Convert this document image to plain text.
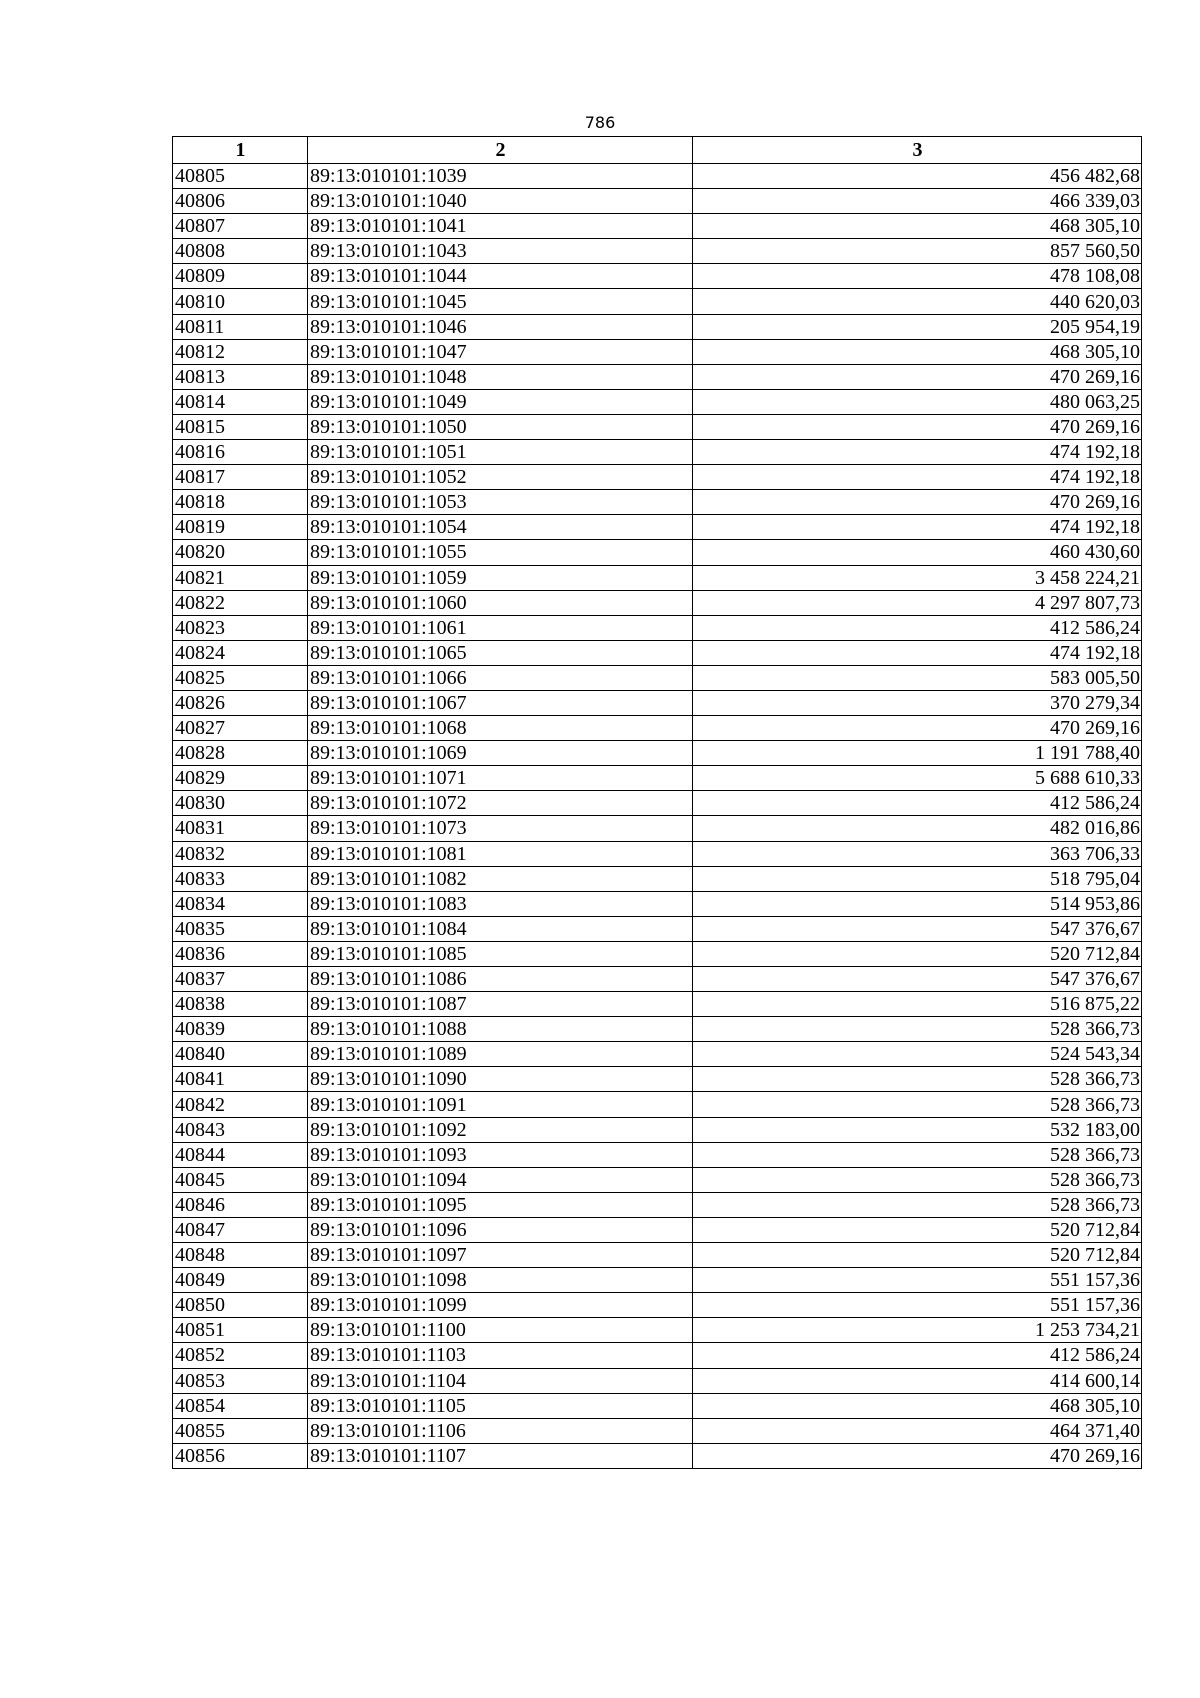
786
1	2	3
40805	89:13:010101:1039	456 482,68
40806	89:13:010101:1040	466 339,03
40807	89:13:010101:1041	468 305,10
40808	89:13:010101:1043	857 560,50
40809	89:13:010101:1044	478 108,08
40810	89:13:010101:1045	440 620,03
40811	89:13:010101:1046	205 954,19
40812	89:13:010101:1047	468 305,10
40813	89:13:010101:1048	470 269,16
40814	89:13:010101:1049	480 063,25
40815	89:13:010101:1050	470 269,16
40816	89:13:010101:1051	474 192,18
40817	89:13:010101:1052	474 192,18
40818	89:13:010101:1053	470 269,16
40819	89:13:010101:1054	474 192,18
40820	89:13:010101:1055	460 430,60
40821	89:13:010101:1059	3 458 224,21
40822	89:13:010101:1060	4 297 807,73
40823	89:13:010101:1061	412 586,24
40824	89:13:010101:1065	474 192,18
40825	89:13:010101:1066	583 005,50
40826	89:13:010101:1067	370 279,34
40827	89:13:010101:1068	470 269,16
40828	89:13:010101:1069	1 191 788,40
40829	89:13:010101:1071	5 688 610,33
40830	89:13:010101:1072	412 586,24
40831	89:13:010101:1073	482 016,86
40832	89:13:010101:1081	363 706,33
40833	89:13:010101:1082	518 795,04
40834	89:13:010101:1083	514 953,86
40835	89:13:010101:1084	547 376,67
40836	89:13:010101:1085	520 712,84
40837	89:13:010101:1086	547 376,67
40838	89:13:010101:1087	516 875,22
40839	89:13:010101:1088	528 366,73
40840	89:13:010101:1089	524 543,34
40841	89:13:010101:1090	528 366,73
40842	89:13:010101:1091	528 366,73
40843	89:13:010101:1092	532 183,00
40844	89:13:010101:1093	528 366,73
40845	89:13:010101:1094	528 366,73
40846	89:13:010101:1095	528 366,73
40847	89:13:010101:1096	520 712,84
40848	89:13:010101:1097	520 712,84
40849	89:13:010101:1098	551 157,36
40850	89:13:010101:1099	551 157,36
40851	89:13:010101:1100	1 253 734,21
40852	89:13:010101:1103	412 586,24
40853	89:13:010101:1104	414 600,14
40854	89:13:010101:1105	468 305,10
40855	89:13:010101:1106	464 371,40
40856	89:13:010101:1107	470 269,16
